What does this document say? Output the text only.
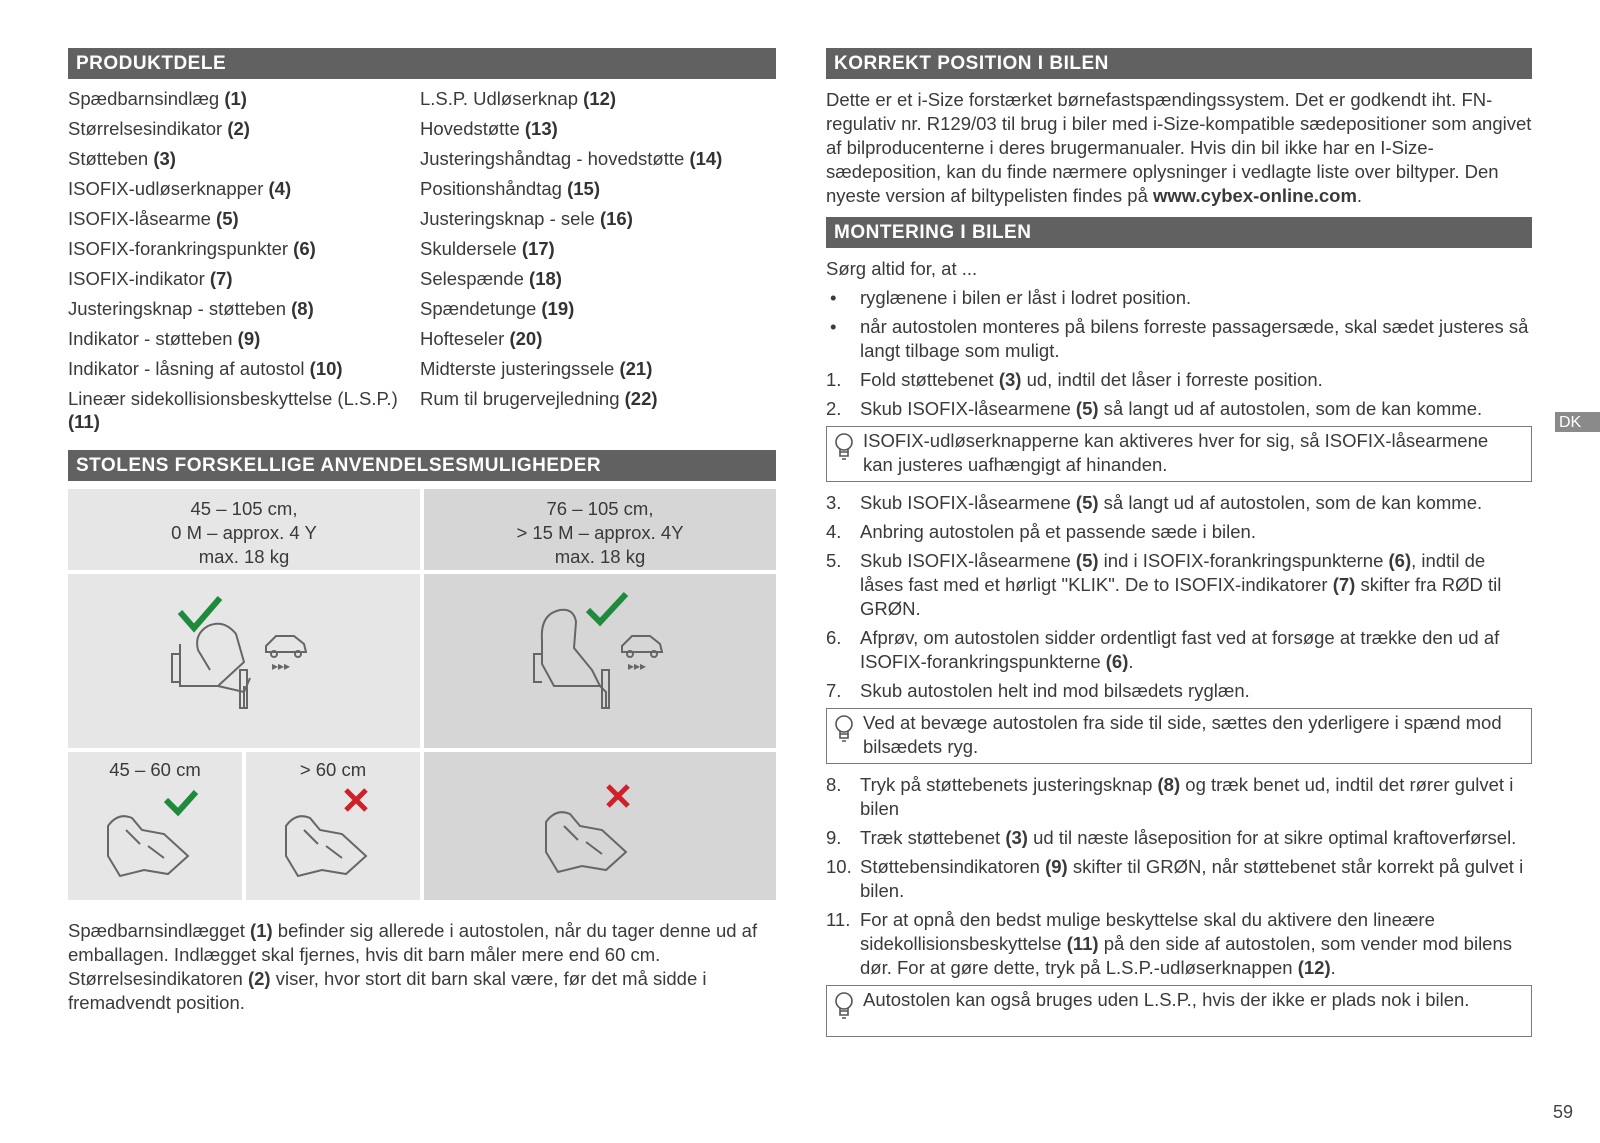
PRODUKTDELE
Spædbarnsindlæg (1)
Størrelsesindikator (2)
Støtteben (3)
ISOFIX-udløserknapper (4)
ISOFIX-låsearme (5)
ISOFIX-forankringspunkter (6)
ISOFIX-indikator (7)
Justeringsknap - støtteben (8)
Indikator - støtteben (9)
Indikator - låsning af autostol (10)
Lineær sidekollisionsbeskyttelse (L.S.P.) (11)
L.S.P. Udløserknap (12)
Hovedstøtte (13)
Justeringshåndtag - hovedstøtte (14)
Positionshåndtag (15)
Justeringsknap - sele (16)
Skuldersele (17)
Selespænde (18)
Spændetunge (19)
Hofteseler (20)
Midterste justeringssele (21)
Rum til brugervejledning (22)
STOLENS FORSKELLIGE ANVENDELSESMULIGHEDER
45 – 105 cm,
0 M – approx. 4 Y
max. 18 kg
76 – 105 cm,
> 15 M – approx. 4Y
max. 18 kg
▸▸▸	▸▸▸
45 – 60 cm	> 60 cm

Spædbarnsindlægget (1) befinder sig allerede i autostolen, når du tager denne ud af emballagen. Indlægget skal fjernes, hvis dit barn måler mere end 60 cm. Størrelsesindikatoren (2) viser, hvor stort dit barn skal være, før det må sidde i fremadvendt position.

KORREKT POSITION I BILEN

Dette er et i-Size forstærket børnefastspændingssystem. Det er godkendt iht. FN-regulativ nr. R129/03 til brug i biler med i-Size-kompatible sædepositioner som angivet af bilproducenterne i deres brugermanualer. Hvis din bil ikke har en I-Size-sædeposition, kan du finde nærmere oplysninger i vedlagte liste over biltyper. Den nyeste version af biltypelisten findes på www.cybex-online.com.

MONTERING I BILEN

Sørg altid for, at ...

• ryglænene i bilen er låst i lodret position.
• når autostolen monteres på bilens forreste passagersæde, skal sædet justeres så langt tilbage som muligt.
1. Fold støttebenet (3) ud, indtil det låser i forreste position.
2. Skub ISOFIX-låsearmene (5) så langt ud af autostolen, som de kan komme.
ISOFIX-udløserknapperne kan aktiveres hver for sig, så ISOFIX-låsearmene kan justeres uafhængigt af hinanden.
3. Skub ISOFIX-låsearmene (5) så langt ud af autostolen, som de kan komme.
4. Anbring autostolen på et passende sæde i bilen.
5. Skub ISOFIX-låsearmene (5) ind i ISOFIX-forankringspunkterne (6), indtil de låses fast med et hørligt "KLIK". De to ISOFIX-indikatorer (7) skifter fra RØD til GRØN.
6. Afprøv, om autostolen sidder ordentligt fast ved at forsøge at trække den ud af ISOFIX-forankringspunkterne (6).
7. Skub autostolen helt ind mod bilsædets ryglæn.
Ved at bevæge autostolen fra side til side, sættes den yderligere i spænd mod bilsædets ryg.
8. Tryk på støttebenets justeringsknap (8) og træk benet ud, indtil det rører gulvet i bilen
9. Træk støttebenet (3) ud til næste låseposition for at sikre optimal kraftoverførsel.
10. Støttebensindikatoren (9) skifter til GRØN, når støttebenet står korrekt på gulvet i bilen.
11. For at opnå den bedst mulige beskyttelse skal du aktivere den lineære sidekollisionsbeskyttelse (11) på den side af autostolen, som vender mod bilens dør. For at gøre dette, tryk på L.S.P.-udløserknappen (12).
Autostolen kan også bruges uden L.S.P., hvis der ikke er plads nok i bilen.
DK
59
